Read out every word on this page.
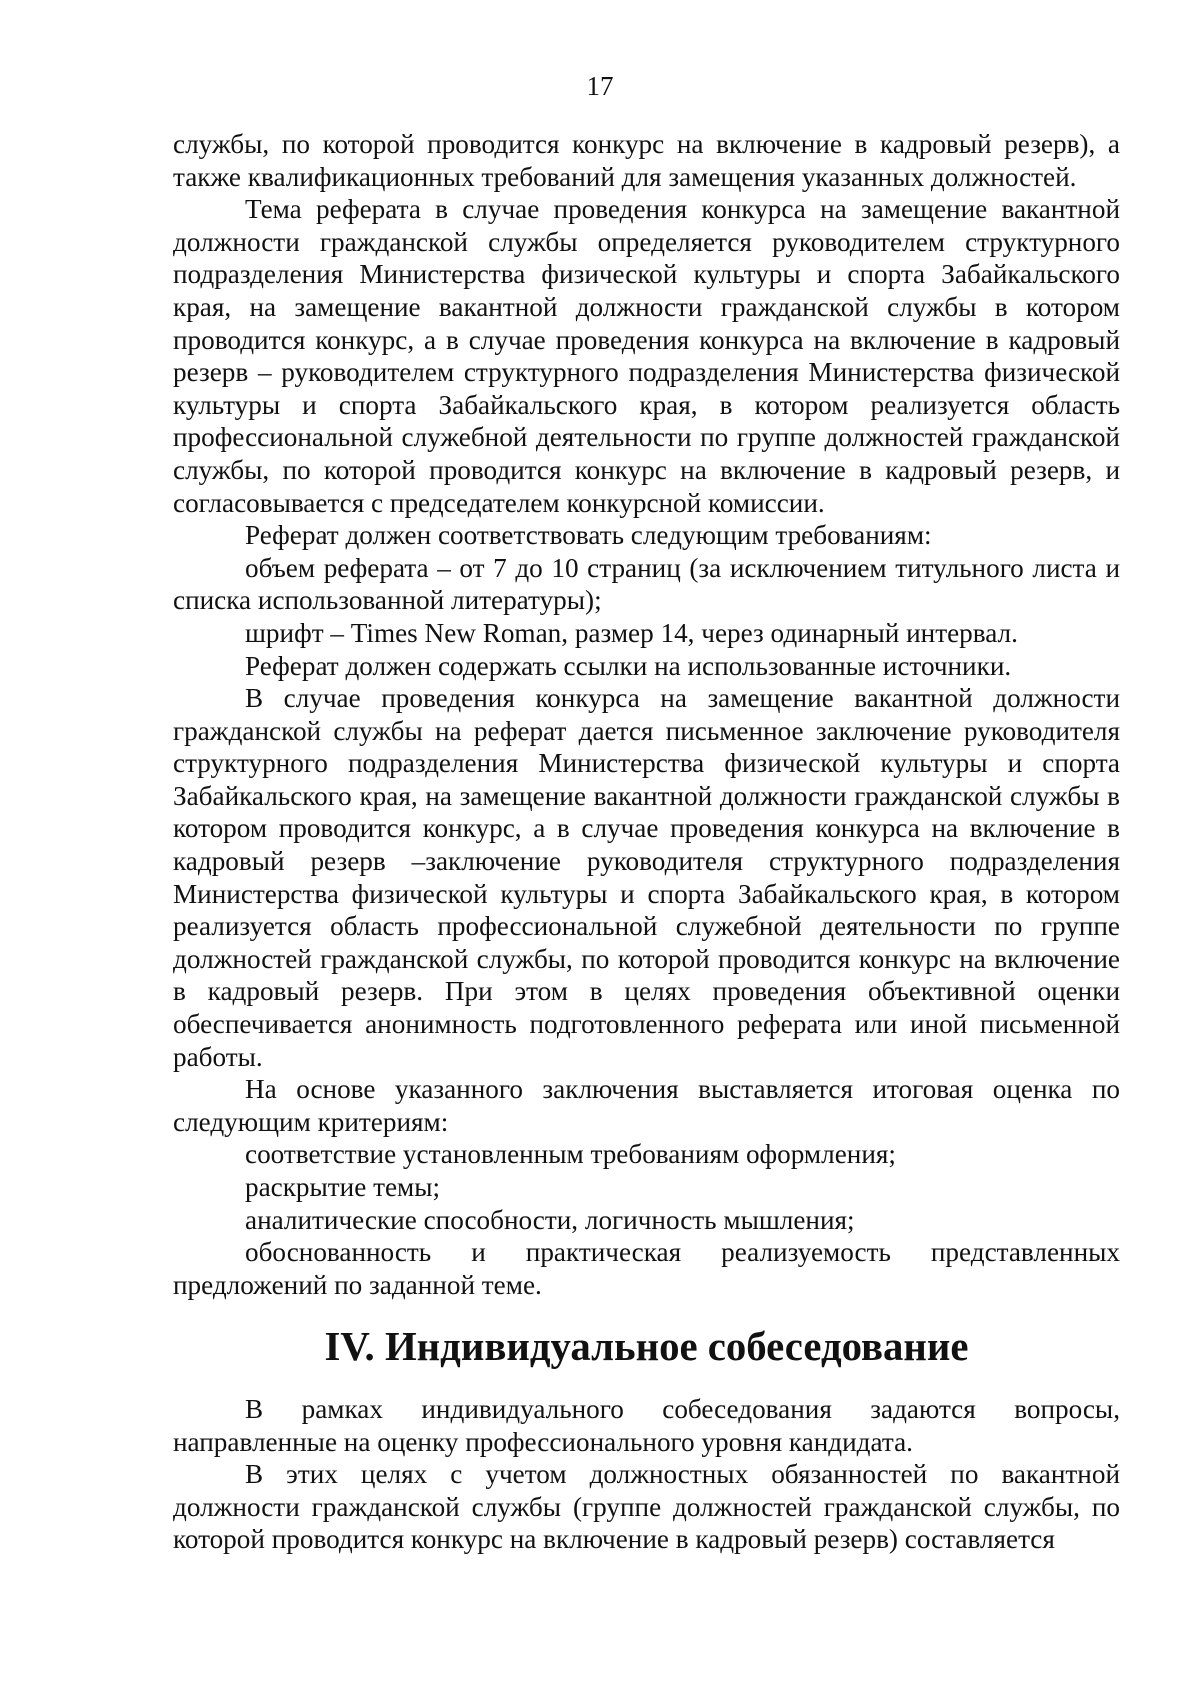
17

службы, по которой проводится конкурс на включение в кадровый резерв), а также квалификационных требований для замещения указанных должностей.

Тема реферата в случае проведения конкурса на замещение вакантной должности гражданской службы определяется руководителем структурного подразделения Министерства физической культуры и спорта Забайкальского края, на замещение вакантной должности гражданской службы в котором проводится конкурс, а в случае проведения конкурса на включение в кадровый резерв – руководителем структурного подразделения Министерства физической культуры и спорта Забайкальского края, в котором реализуется область профессиональной служебной деятельности по группе должностей гражданской службы, по которой проводится конкурс на включение в кадровый резерв, и согласовывается с председателем конкурсной комиссии.

Реферат должен соответствовать следующим требованиям:

объем реферата – от 7 до 10 страниц (за исключением титульного листа и списка использованной литературы);

шрифт – Times New Roman, размер 14, через одинарный интервал.

Реферат должен содержать ссылки на использованные источники.

В случае проведения конкурса на замещение вакантной должности гражданской службы на реферат дается письменное заключение руководителя структурного подразделения Министерства физической культуры и спорта Забайкальского края, на замещение вакантной должности гражданской службы в котором проводится конкурс, а в случае проведения конкурса на включение в кадровый резерв –заключение руководителя структурного подразделения Министерства физической культуры и спорта Забайкальского края, в котором реализуется область профессиональной служебной деятельности по группе должностей гражданской службы, по которой проводится конкурс на включение в кадровый резерв. При этом в целях проведения объективной оценки обеспечивается анонимность подготовленного реферата или иной письменной работы.

На основе указанного заключения выставляется итоговая оценка по следующим критериям:

соответствие установленным требованиям оформления;

раскрытие темы;

аналитические способности, логичность мышления;

обоснованность и практическая реализуемость представленных предложений по заданной теме.

IV. Индивидуальное собеседование

В рамках индивидуального собеседования задаются вопросы, направленные на оценку профессионального уровня кандидата.

В этих целях с учетом должностных обязанностей по вакантной должности гражданской службы (группе должностей гражданской службы, по которой проводится конкурс на включение в кадровый резерв) составляется
